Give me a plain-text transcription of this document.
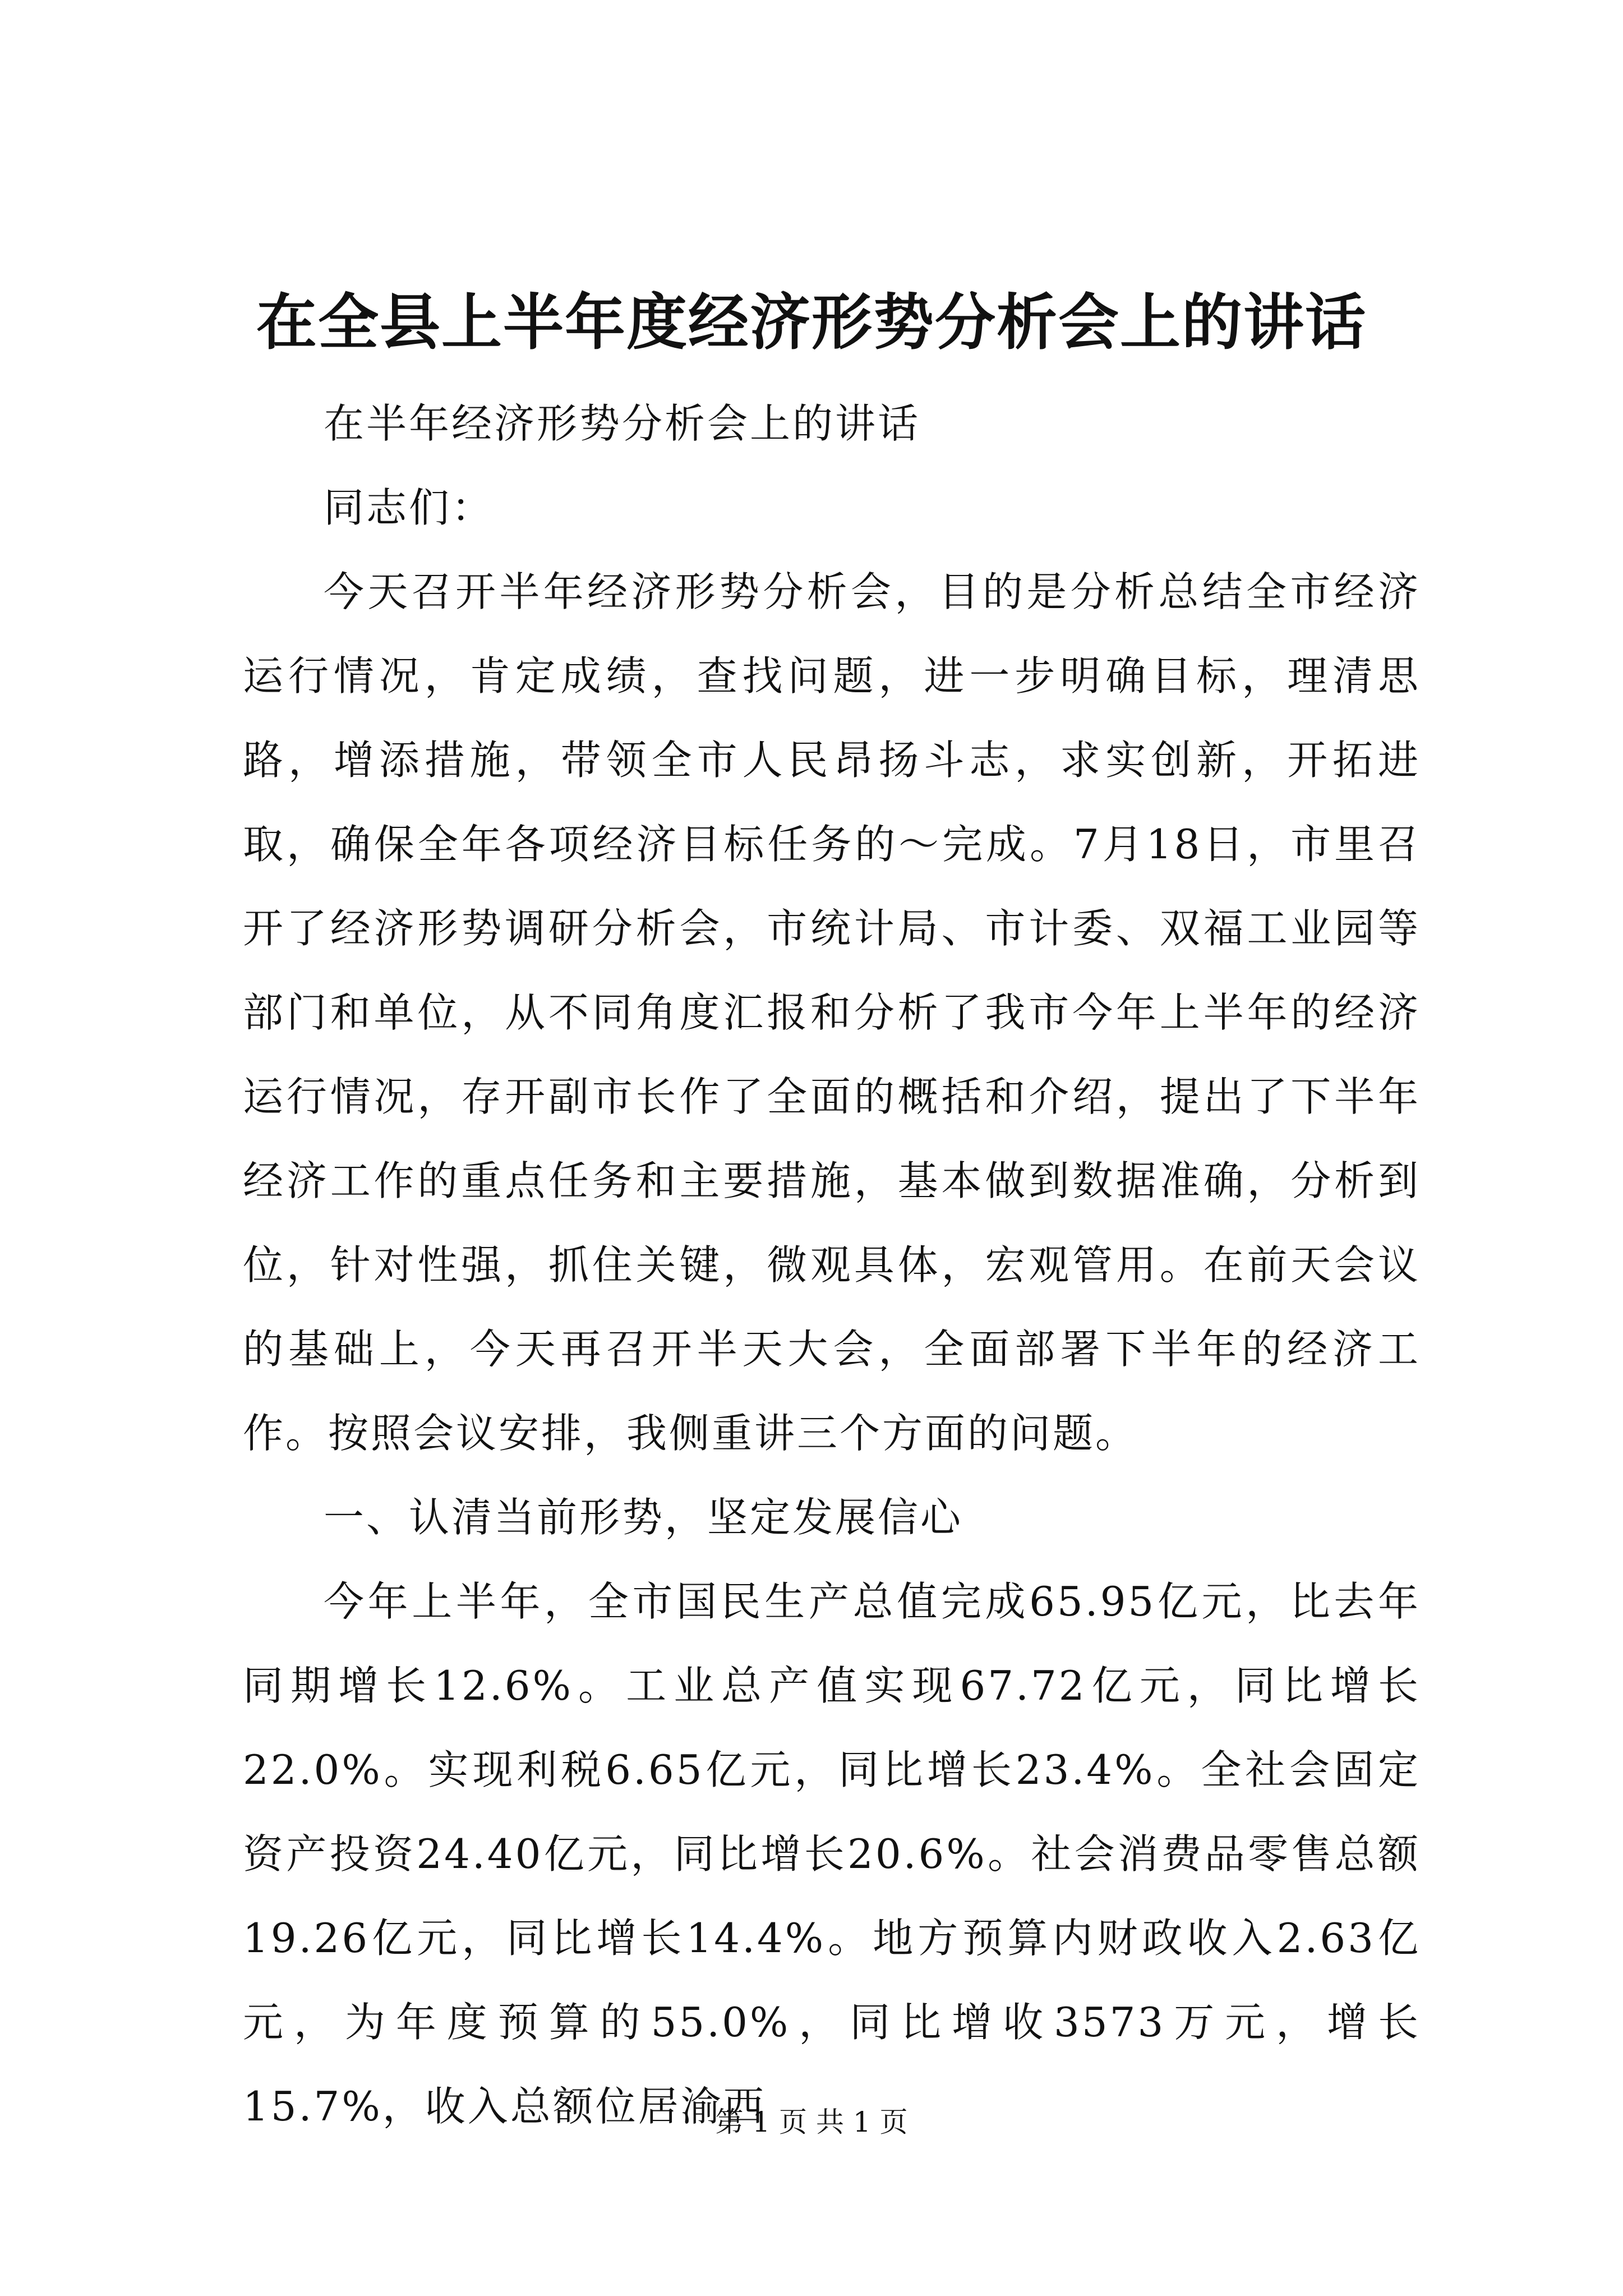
在全县上半年度经济形势分析会上的讲话

在半年经济形势分析会上的讲话

同志们：

今天召开半年经济形势分析会，目的是分析总结全市经济运行情况，肯定成绩，查找问题，进一步明确目标，理清思路，增添措施，带领全市人民昂扬斗志，求实创新，开拓进取，确保全年各项经济目标任务的～完成。7月18日，市里召开了经济形势调研分析会，市统计局、市计委、双福工业园等部门和单位，从不同角度汇报和分析了我市今年上半年的经济运行情况，存开副市长作了全面的概括和介绍，提出了下半年经济工作的重点任务和主要措施，基本做到数据准确，分析到位，针对性强，抓住关键，微观具体，宏观管用。在前天会议的基础上，今天再召开半天大会，全面部署下半年的经济工作。按照会议安排，我侧重讲三个方面的问题。

一、认清当前形势，坚定发展信心

今年上半年，全市国民生产总值完成65.95亿元，比去年同期增长12.6%。工业总产值实现67.72亿元，同比增长22.0%。实现利税6.65亿元，同比增长23.4%。全社会固定资产投资24.40亿元，同比增长20.6%。社会消费品零售总额19.26亿元，同比增长14.4%。地方预算内财政收入2.63亿元，为年度预算的55.0%，同比增收3573万元，增长15.7%，收入总额位居渝西

第 1 页 共 1 页
